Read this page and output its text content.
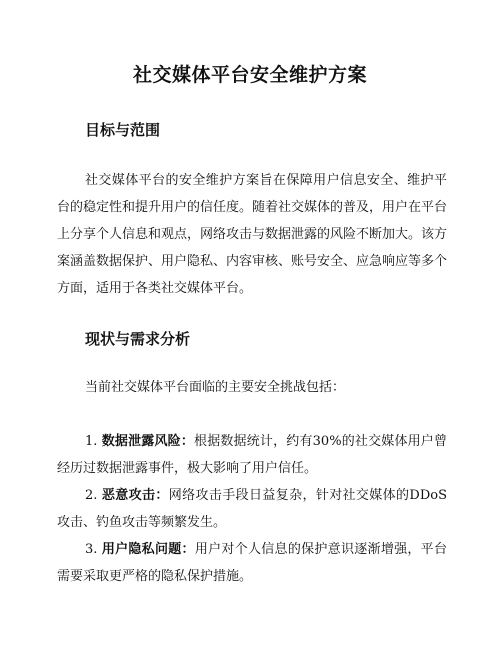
社交媒体平台安全维护方案
目标与范围

社交媒体平台的安全维护方案旨在保障用户信息安全、维护平台的稳定性和提升用户的信任度。随着社交媒体的普及，用户在平台上分享个人信息和观点，网络攻击与数据泄露的风险不断加大。该方案涵盖数据保护、用户隐私、内容审核、账号安全、应急响应等多个方面，适用于各类社交媒体平台。

现状与需求分析

当前社交媒体平台面临的主要安全挑战包括：

1. 数据泄露风险：根据数据统计，约有30%的社交媒体用户曾经历过数据泄露事件，极大影响了用户信任。

2. 恶意攻击：网络攻击手段日益复杂，针对社交媒体的DDoS攻击、钓鱼攻击等频繁发生。

3. 用户隐私问题：用户对个人信息的保护意识逐渐增强，平台需要采取更严格的隐私保护措施。
